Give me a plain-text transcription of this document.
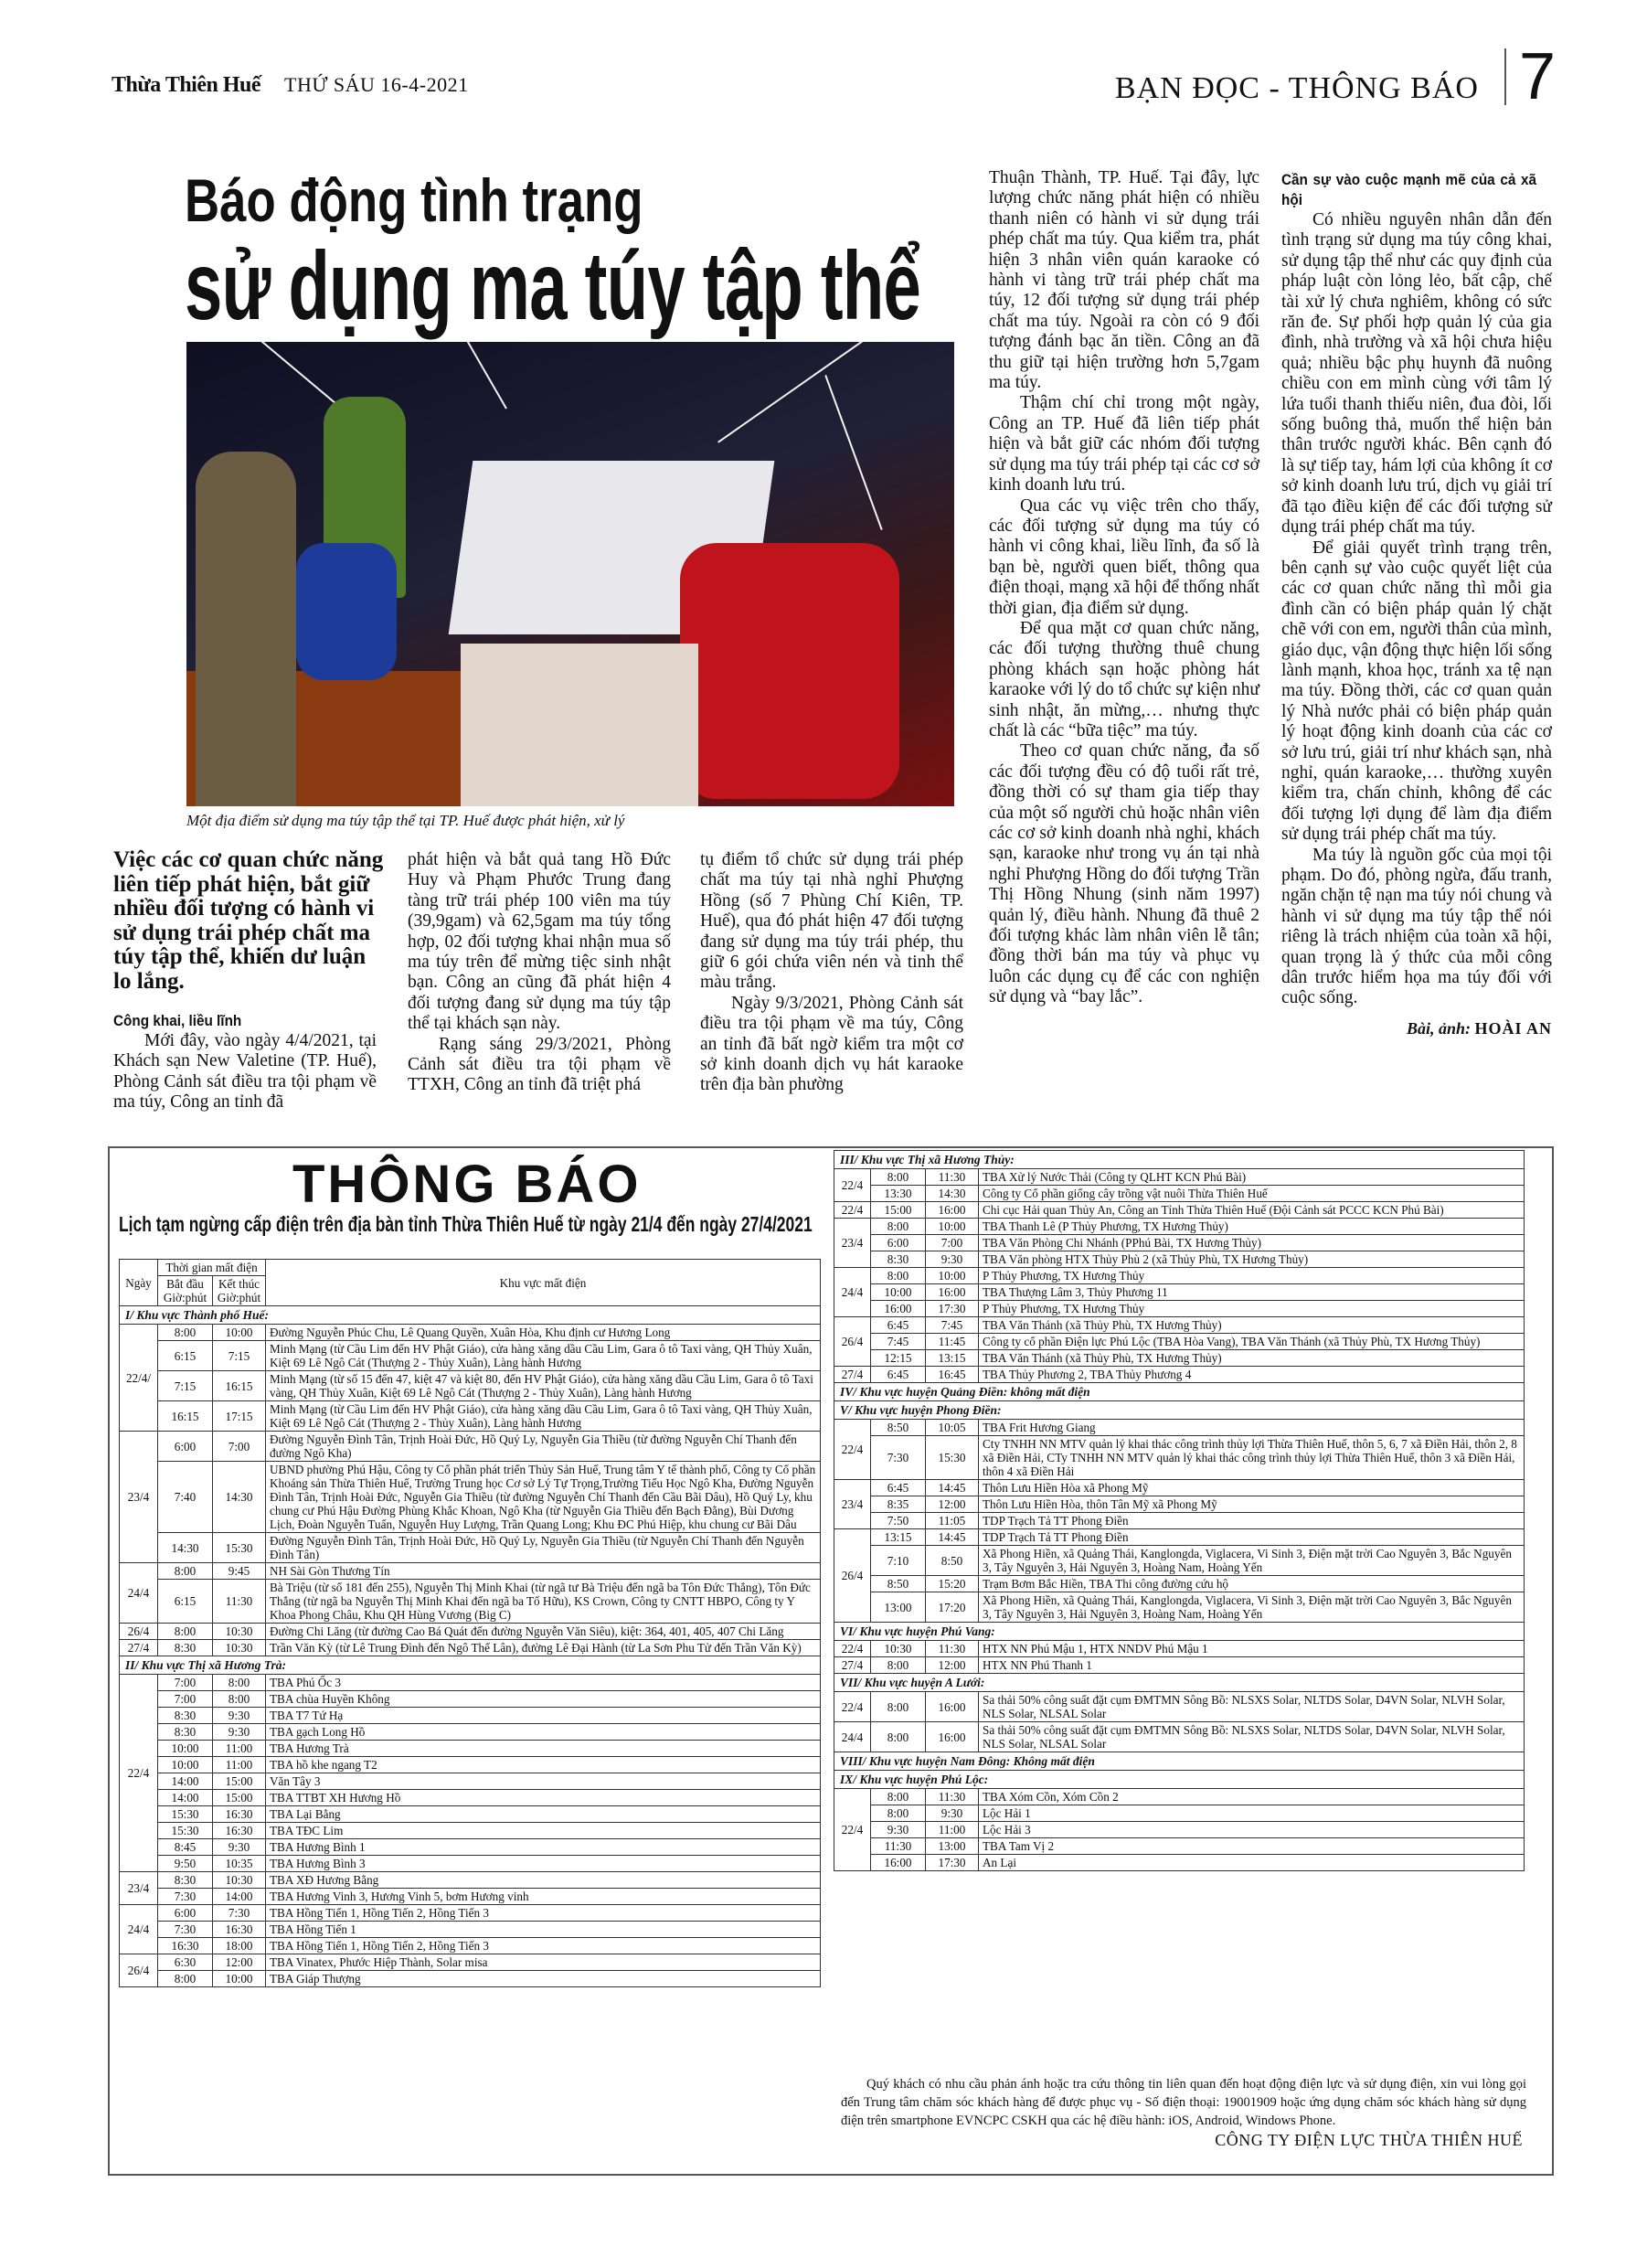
Thừa Thiên Huế THỨ SÁU 16-4-2021	BẠN ĐỌC - THÔNG BÁO 7
Báo động tình trạng
sử dụng ma túy tập thể
Một địa điểm sử dụng ma túy tập thể tại TP. Huế được phát hiện, xử lý
Việc các cơ quan chức năng liên tiếp phát hiện, bắt giữ nhiều đối tượng có hành vi sử dụng trái phép chất ma túy tập thể, khiến dư luận lo lắng.
Công khai, liều lĩnh

Mới đây, vào ngày 4/4/2021, tại Khách sạn New Valetine (TP. Huế), Phòng Cảnh sát điều tra tội phạm về ma túy, Công an tỉnh đã

phát hiện và bắt quả tang Hồ Đức Huy và Phạm Phước Trung đang tàng trữ trái phép 100 viên ma túy (39,9gam) và 62,5gam ma túy tổng hợp, 02 đối tượng khai nhận mua số ma túy trên để mừng tiệc sinh nhật bạn. Công an cũng đã phát hiện 4 đối tượng đang sử dụng ma túy tập thể tại khách sạn này.

Rạng sáng 29/3/2021, Phòng Cảnh sát điều tra tội phạm về TTXH, Công an tỉnh đã triệt phá

tụ điểm tổ chức sử dụng trái phép chất ma túy tại nhà nghỉ Phượng Hồng (số 7 Phùng Chí Kiên, TP. Huế), qua đó phát hiện 47 đối tượng đang sử dụng ma túy trái phép, thu giữ 6 gói chứa viên nén và tinh thể màu trắng.

Ngày 9/3/2021, Phòng Cảnh sát điều tra tội phạm về ma túy, Công an tỉnh đã bất ngờ kiểm tra một cơ sở kinh doanh dịch vụ hát karaoke trên địa bàn phường

Thuận Thành, TP. Huế. Tại đây, lực lượng chức năng phát hiện có nhiều thanh niên có hành vi sử dụng trái phép chất ma túy. Qua kiểm tra, phát hiện 3 nhân viên quán karaoke có hành vi tàng trữ trái phép chất ma túy, 12 đối tượng sử dụng trái phép chất ma túy. Ngoài ra còn có 9 đối tượng đánh bạc ăn tiền. Công an đã thu giữ tại hiện trường hơn 5,7gam ma túy.

Thậm chí chỉ trong một ngày, Công an TP. Huế đã liên tiếp phát hiện và bắt giữ các nhóm đối tượng sử dụng ma túy trái phép tại các cơ sở kinh doanh lưu trú.

Qua các vụ việc trên cho thấy, các đối tượng sử dụng ma túy có hành vi công khai, liều lĩnh, đa số là bạn bè, người quen biết, thông qua điện thoại, mạng xã hội để thống nhất thời gian, địa điểm sử dụng.

Để qua mặt cơ quan chức năng, các đối tượng thường thuê chung phòng khách sạn hoặc phòng hát karaoke với lý do tổ chức sự kiện như sinh nhật, ăn mừng,… nhưng thực chất là các “bữa tiệc” ma túy.

Theo cơ quan chức năng, đa số các đối tượng đều có độ tuổi rất trẻ, đồng thời có sự tham gia tiếp thay của một số người chủ hoặc nhân viên các cơ sở kinh doanh nhà nghỉ, khách sạn, karaoke như trong vụ án tại nhà nghỉ Phượng Hồng do đối tượng Trần Thị Hồng Nhung (sinh năm 1997) quản lý, điều hành. Nhung đã thuê 2 đối tượng khác làm nhân viên lễ tân; đồng thời bán ma túy và phục vụ luôn các dụng cụ để các con nghiện sử dụng và “bay lắc”.

Cần sự vào cuộc mạnh mẽ của cả xã hội

Có nhiều nguyên nhân dẫn đến tình trạng sử dụng ma túy công khai, sử dụng tập thể như các quy định của pháp luật còn lỏng lẻo, bất cập, chế tài xử lý chưa nghiêm, không có sức răn đe. Sự phối hợp quản lý của gia đình, nhà trường và xã hội chưa hiệu quả; nhiều bậc phụ huynh đã nuông chiều con em mình cùng với tâm lý lứa tuổi thanh thiếu niên, đua đòi, lối sống buông thả, muốn thể hiện bản thân trước người khác. Bên cạnh đó là sự tiếp tay, hám lợi của không ít cơ sở kinh doanh lưu trú, dịch vụ giải trí đã tạo điều kiện để các đối tượng sử dụng trái phép chất ma túy.

Để giải quyết trình trạng trên, bên cạnh sự vào cuộc quyết liệt của các cơ quan chức năng thì mỗi gia đình cần có biện pháp quản lý chặt chẽ với con em, người thân của mình, giáo dục, vận động thực hiện lối sống lành mạnh, khoa học, tránh xa tệ nạn ma túy. Đồng thời, các cơ quan quản lý Nhà nước phải có biện pháp quản lý hoạt động kinh doanh của các cơ sở lưu trú, giải trí như khách sạn, nhà nghỉ, quán karaoke,… thường xuyên kiểm tra, chấn chỉnh, không để các đối tượng lợi dụng để làm địa điểm sử dụng trái phép chất ma túy.

Ma túy là nguồn gốc của mọi tội phạm. Do đó, phòng ngừa, đấu tranh, ngăn chặn tệ nạn ma túy nói chung và hành vi sử dụng ma túy tập thể nói riêng là trách nhiệm của toàn xã hội, quan trọng là ý thức của mỗi công dân trước hiểm họa ma túy đối với cuộc sống.

Bài, ảnh: HOÀI AN
THÔNG BÁO
Lịch tạm ngừng cấp điện trên địa bàn tỉnh Thừa Thiên Huế từ ngày 21/4 đến ngày 27/4/2021
Ngày	Thời gian mất điện		Khu vực mất điện
	Bắt đầu Giờ:phút	Kết thúc Giờ:phút	
I/ Khu vực Thành phố Huế:			
22/4/	8:00	10:00	Đường Nguyễn Phúc Chu, Lê Quang Quyền, Xuân Hòa, Khu định cư Hương Long
	6:15	7:15	Minh Mạng (từ Cầu Lim đến HV Phật Giáo), cửa hàng xăng dầu Cầu Lim, Gara ô tô Taxi vàng, QH Thủy Xuân, Kiệt 69 Lê Ngô Cát (Thượng 2 - Thủy Xuân), Làng hành Hương
	7:15	16:15	Minh Mạng (từ số 15 đến 47, kiệt 47 và kiệt 80, đến HV Phật Giáo), cửa hàng xăng dầu Cầu Lim, Gara ô tô Taxi vàng, QH Thủy Xuân, Kiệt 69 Lê Ngô Cát (Thượng 2 - Thủy Xuân), Làng hành Hương
	16:15	17:15	Minh Mạng (từ Cầu Lim đến HV Phật Giáo), cửa hàng xăng dầu Cầu Lim, Gara ô tô Taxi vàng, QH Thủy Xuân, Kiệt 69 Lê Ngô Cát (Thượng 2 - Thủy Xuân), Làng hành Hương
23/4	6:00	7:00	Đường Nguyễn Đình Tân, Trịnh Hoài Đức, Hồ Quý Ly, Nguyễn Gia Thiều (từ đường Nguyễn Chí Thanh đến đường Ngô Kha)
	7:40	14:30	UBND phường Phú Hậu, Công ty Cổ phần phát triển Thủy Sản Huế, Trung tâm Y tế thành phố, Công ty Cổ phần Khoáng sản Thừa Thiên Huế, Trường Trung học Cơ sở Lý Tự Trọng,Trường Tiểu Học Ngô Kha, Đường Nguyễn Đình Tân, Trịnh Hoài Đức, Nguyễn Gia Thiều (từ đường Nguyễn Chí Thanh đến Cầu Bãi Dâu), Hồ Quý Ly, khu chung cư Phú Hậu Đường Phùng Khắc Khoan, Ngô Kha (từ Nguyễn Gia Thiều đến Bạch Đằng), Bùi Dương Lịch, Đoàn Nguyễn Tuấn, Nguyễn Huy Lượng, Trần Quang Long; Khu ĐC Phú Hiệp, khu chung cư Bãi Dâu
	14:30	15:30	Đường Nguyễn Đình Tân, Trịnh Hoài Đức, Hồ Quý Ly, Nguyễn Gia Thiều (từ Nguyễn Chí Thanh đến Nguyễn Đình Tân)
24/4	8:00	9:45	NH Sài Gòn Thương Tín
	6:15	11:30	Bà Triệu (từ số 181 đến 255), Nguyễn Thị Minh Khai (từ ngã tư Bà Triệu đến ngã ba Tôn Đức Thắng), Tôn Đức Thắng (từ ngã ba Nguyễn Thị Minh Khai đến ngã ba Tố Hữu), KS Crown, Công ty CNTT HBPO, Công ty Y Khoa Phong Châu, Khu QH Hùng Vương (Big C)
26/4	8:00	10:30	Đường Chi Lăng (từ đường Cao Bá Quát đến đường Nguyễn Văn Siêu), kiệt: 364, 401, 405, 407 Chi Lăng
27/4	8:30	10:30	Trần Văn Kỳ (từ Lê Trung Đình đến Ngô Thế Lân), đường Lê Đại Hành (từ La Sơn Phu Tử đến Trần Văn Kỳ)
II/ Khu vực Thị xã Hương Trà:			
22/4	7:00	8:00	TBA Phú Ốc 3
	7:00	8:00	TBA chùa Huyền Không
	8:30	9:30	TBA T7 Tứ Hạ
	8:30	9:30	TBA gạch Long Hồ
	10:00	11:00	TBA Hương Trà
	10:00	11:00	TBA hồ khe ngang T2
	14:00	15:00	Văn Tây 3
	14:00	15:00	TBA TTBT XH Hương Hồ
	15:30	16:30	TBA Lại Bằng
	15:30	16:30	TBA TĐC Lim
	8:45	9:30	TBA Hương Bình 1
	9:50	10:35	TBA Hương Bình 3
23/4	8:30	10:30	TBA XĐ Hương Bằng
	7:30	14:00	TBA Hương Vinh 3, Hương Vinh 5, bơm Hương vinh
24/4	6:00	7:30	TBA Hồng Tiến 1, Hồng Tiến 2, Hồng Tiến 3
	7:30	16:30	TBA Hồng Tiến 1
	16:30	18:00	TBA Hồng Tiến 1, Hồng Tiến 2, Hồng Tiến 3
26/4	6:30	12:00	TBA Vinatex, Phước Hiệp Thành, Solar misa
	8:00	10:00	TBA Giáp Thượng
III/ Khu vực Thị xã Hương Thủy:			
22/4	8:00	11:30	TBA Xử lý Nước Thải (Công ty QLHT KCN Phú Bài)
	13:30	14:30	Công ty Cổ phần giống cây trồng vật nuôi Thừa Thiên Huế
22/4	15:00	16:00	Chi cục Hải quan Thủy An, Công an Tỉnh Thừa Thiên Huế (Đội Cảnh sát PCCC KCN Phú Bài)
23/4	8:00	10:00	TBA Thanh Lê (P Thủy Phương, TX Hương Thủy)
	6:00	7:00	TBA Văn Phòng Chi Nhánh (PPhú Bài, TX Hương Thủy)
	8:30	9:30	TBA Văn phòng HTX Thủy Phù 2 (xã Thủy Phù, TX Hương Thủy)
24/4	8:00	10:00	P Thủy Phương, TX Hương Thủy
	10:00	16:00	TBA Thượng Lâm 3, Thủy Phương 11
	16:00	17:30	P Thủy Phương, TX Hương Thủy
26/4	6:45	7:45	TBA Văn Thánh (xã Thủy Phù, TX Hương Thủy)
	7:45	11:45	Công ty cổ phần Điện lực Phú Lộc (TBA Hòa Vang), TBA Văn Thánh (xã Thủy Phù, TX Hương Thủy)
	12:15	13:15	TBA Văn Thánh (xã Thủy Phù, TX Hương Thủy)
27/4	6:45	16:45	TBA Thủy Phương 2, TBA Thủy Phương 4
IV/ Khu vực huyện Quảng Điền: không mất điện			
V/ Khu vực huyện Phong Điền:			
22/4	8:50	10:05	TBA Frit Hương Giang
	7:30	15:30	Cty TNHH NN MTV quản lý khai thác công trình thủy lợi Thừa Thiên Huế, thôn 5, 6, 7 xã Điền Hải, thôn 2, 8 xã Điền Hải, CTy TNHH NN MTV quản lý khai thác công trình thủy lợi Thừa Thiên Huế, thôn 3 xã Điền Hải, thôn 4 xã Điền Hải
23/4	6:45	14:45	Thôn Lưu Hiền Hòa xã Phong Mỹ
	8:35	12:00	Thôn Lưu Hiền Hòa, thôn Tân Mỹ xã Phong Mỹ
	7:50	11:05	TDP Trạch Tả TT Phong Điền
26/4	13:15	14:45	TDP Trạch Tả TT Phong Điền
	7:10	8:50	Xã Phong Hiền, xã Quảng Thái, Kanglongda, Viglacera, Vi Sinh 3, Điện mặt trời Cao Nguyên 3, Bắc Nguyên 3, Tây Nguyên 3, Hải Nguyên 3, Hoàng Nam, Hoàng Yến
	8:50	15:20	Trạm Bơm Bắc Hiền, TBA Thi công đường cứu hộ
	13:00	17:20	Xã Phong Hiền, xã Quảng Thái, Kanglongda, Viglacera, Vi Sinh 3, Điện mặt trời Cao Nguyên 3, Bắc Nguyên 3, Tây Nguyên 3, Hải Nguyên 3, Hoàng Nam, Hoàng Yến
VI/ Khu vực huyện Phú Vang:			
22/4	10:30	11:30	HTX NN Phú Mậu 1, HTX NNDV Phú Mậu 1
27/4	8:00	12:00	HTX NN Phú Thanh 1
VII/ Khu vực huyện A Lưới:			
22/4	8:00	16:00	Sa thải 50% công suất đặt cụm ĐMTMN Sông Bồ: NLSXS Solar, NLTDS Solar, D4VN Solar, NLVH Solar, NLS Solar, NLSAL Solar
24/4	8:00	16:00	Sa thải 50% công suất đặt cụm ĐMTMN Sông Bồ: NLSXS Solar, NLTDS Solar, D4VN Solar, NLVH Solar, NLS Solar, NLSAL Solar
VIII/ Khu vực huyện Nam Đông: Không mất điện			
IX/ Khu vực huyện Phú Lộc:			
22/4	8:00	11:30	TBA Xóm Cồn, Xóm Cồn 2
	8:00	9:30	Lộc Hải 1
	9:30	11:00	Lộc Hải 3
	11:30	13:00	TBA Tam Vị 2
	16:00	17:30	An Lại
Quý khách có nhu cầu phản ánh hoặc tra cứu thông tin liên quan đến hoạt động điện lực và sử dụng điện, xin vui lòng gọi đến Trung tâm chăm sóc khách hàng để được phục vụ - Số điện thoại: 19001909 hoặc ứng dụng chăm sóc khách hàng sử dụng điện trên smartphone EVNCPC CSKH qua các hệ điều hành: iOS, Android, Windows Phone.
CÔNG TY ĐIỆN LỰC THỪA THIÊN HUẾ
